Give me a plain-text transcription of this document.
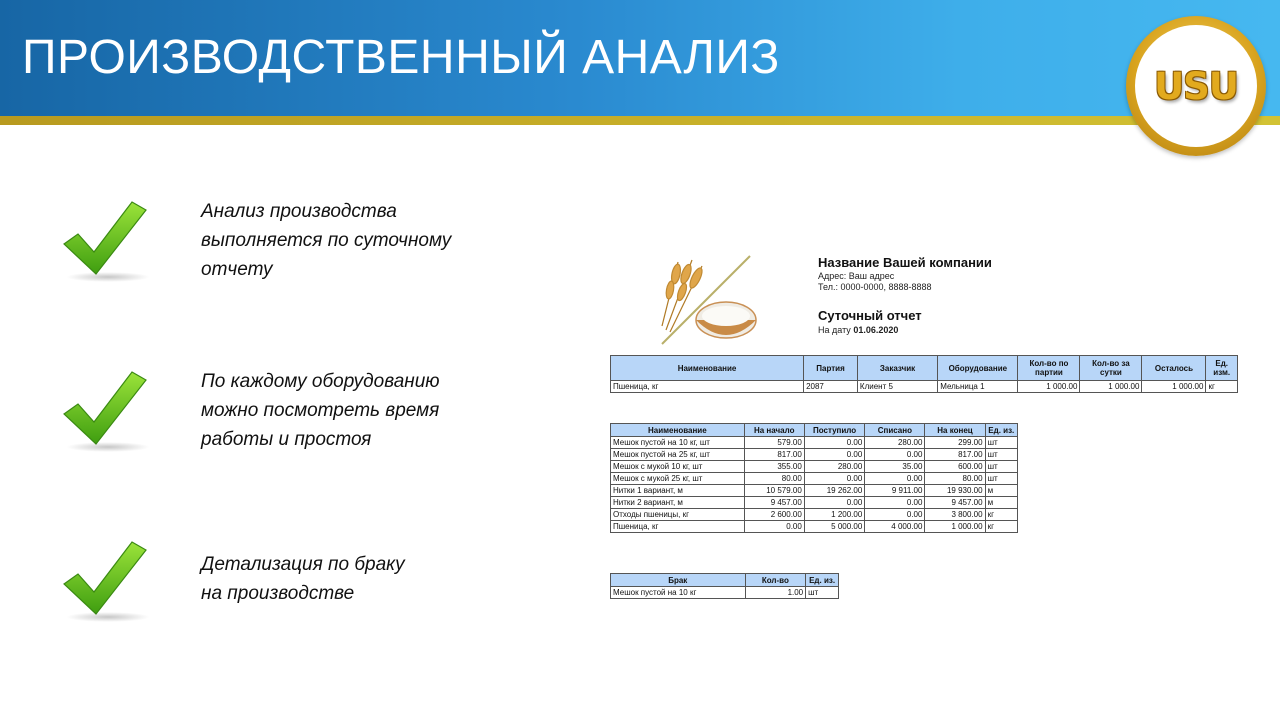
ПРОИЗВОДСТВЕННЫЙ АНАЛИЗ
USU
Анализ производства
выполняется по суточному
отчету
По каждому оборудованию
можно посмотреть время
работы и простоя
Детализация по браку
на производстве
Название Вашей компании
Адрес: Ваш адрес
Тел.: 0000-0000, 8888-8888
Суточный отчет
На дату 01.06.2020
Наименование	Партия	Заказчик	Оборудование	Кол-во по партии	Кол-во за сутки	Осталось	Ед. изм.
Пшеница, кг	2087	Клиент 5	Мельница 1	1 000.00	1 000.00	1 000.00	кг
Наименование	На начало	Поступило	Списано	На конец	Ед. из.
Мешок пустой на 10 кг, шт	579.00	0.00	280.00	299.00	шт
Мешок пустой на 25 кг, шт	817.00	0.00	0.00	817.00	шт
Мешок с мукой 10 кг, шт	355.00	280.00	35.00	600.00	шт
Мешок с мукой 25 кг, шт	80.00	0.00	0.00	80.00	шт
Нитки 1 вариант, м	10 579.00	19 262.00	9 911.00	19 930.00	м
Нитки 2 вариант, м	9 457.00	0.00	0.00	9 457.00	м
Отходы пшеницы, кг	2 600.00	1 200.00	0.00	3 800.00	кг
Пшеница, кг	0.00	5 000.00	4 000.00	1 000.00	кг
Брак	Кол-во	Ед. из.
Мешок пустой на 10 кг	1.00	шт
